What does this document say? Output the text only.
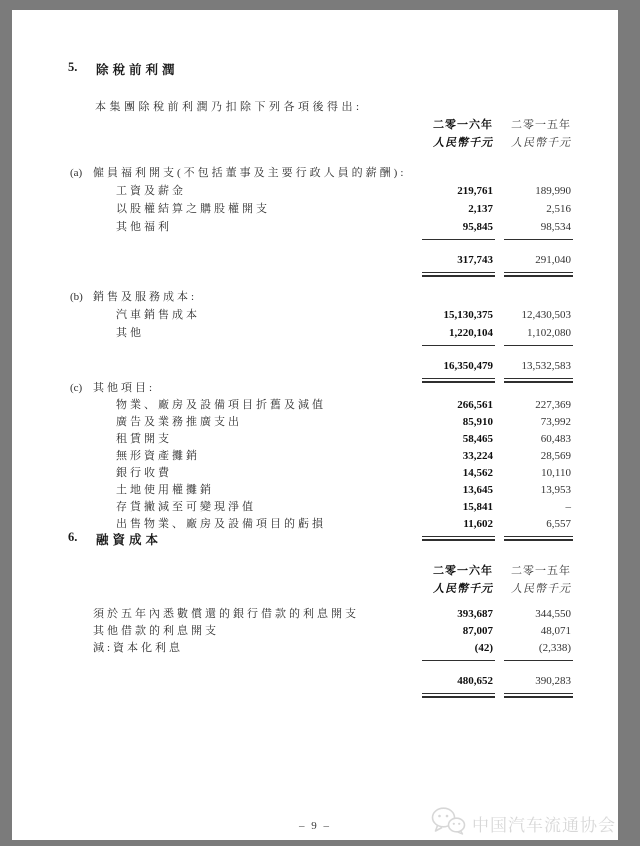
5. 除稅前利潤
本集團除稅前利潤乃扣除下列各項後得出:
二零一六年	二零一五年
人民幣千元	人民幣千元
(a) 僱員福利開支(不包括董事及主要行政人員的薪酬):
工資及薪金	219,761	189,990
以股權結算之購股權開支	2,137	2,516
其他福利	95,845	98,534
317,743	291,040
(b) 銷售及服務成本:
汽車銷售成本	15,130,375	12,430,503
其他	1,220,104	1,102,080
16,350,479	13,532,583
(c) 其他項目:
物業、廠房及設備項目折舊及減值	266,561	227,369
廣告及業務推廣支出	85,910	73,992
租賃開支	58,465	60,483
無形資產攤銷	33,224	28,569
銀行收費	14,562	10,110
土地使用權攤銷	13,645	13,953
存貨撇減至可變現淨值	15,841	–
出售物業、廠房及設備項目的虧損	11,602	6,557
6. 融資成本
二零一六年	二零一五年
人民幣千元	人民幣千元
須於五年內悉數償還的銀行借款的利息開支	393,687	344,550
其他借款的利息開支	87,007	48,071
減:資本化利息	(42)	(2,338)
480,652	390,283
– 9 –	中国汽车流通协会
